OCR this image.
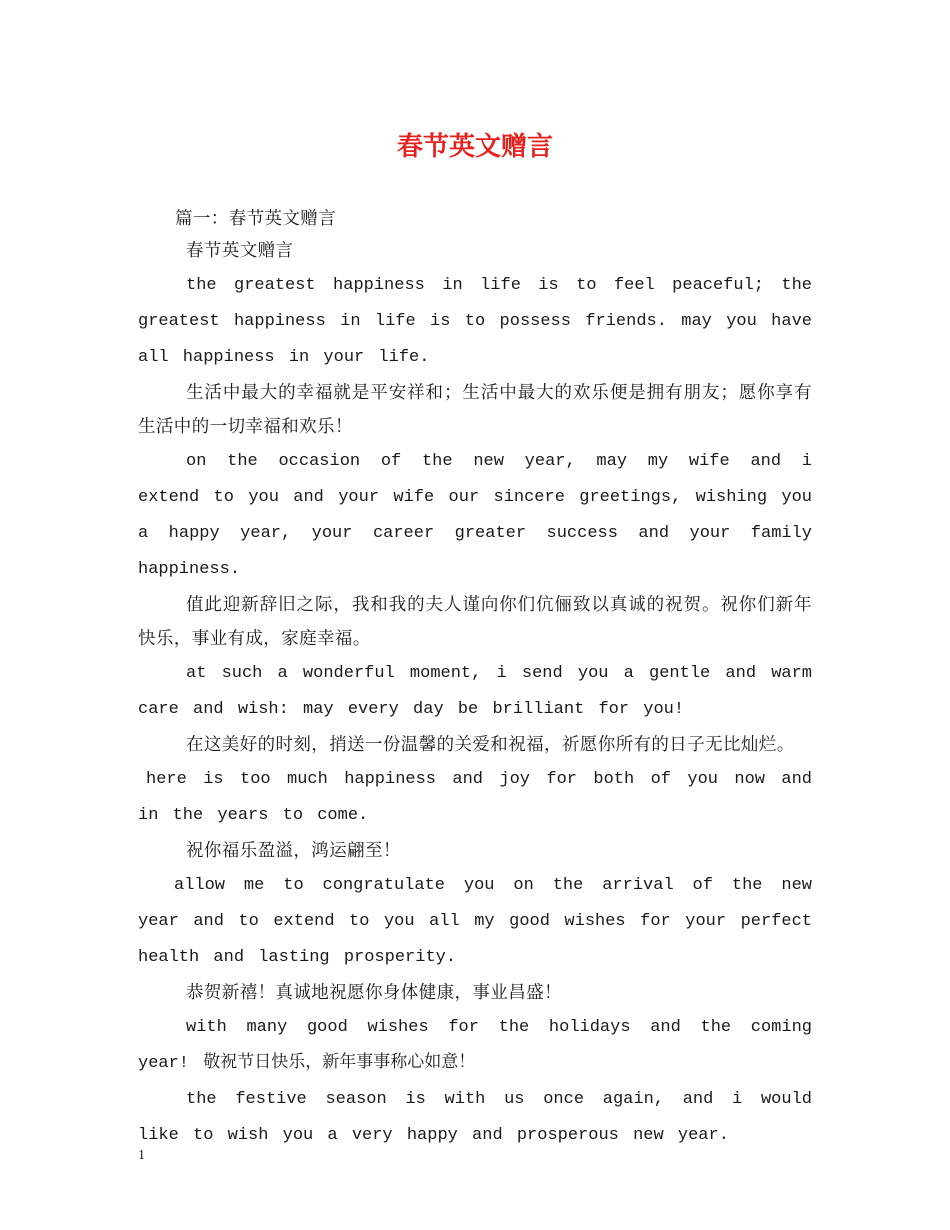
春节英文赠言

篇一：春节英文赠言

春节英文赠言

the greatest happiness in life is to feel peaceful; the greatest happiness in life is to possess friends. may you have all happiness in your life.

生活中最大的幸福就是平安祥和；生活中最大的欢乐便是拥有朋友；愿你享有生活中的一切幸福和欢乐！

on the occasion of the new year, may my wife and i extend to you and your wife our sincere greetings, wishing you a happy year, your career greater success and your family happiness.

值此迎新辞旧之际，我和我的夫人谨向你们伉俪致以真诚的祝贺。祝你们新年快乐，事业有成，家庭幸福。

at such a wonderful moment, i send you a gentle and warm care and wish: may every day be brilliant for you!

在这美好的时刻，捎送一份温馨的关爱和祝福，祈愿你所有的日子无比灿烂。

here is too much happiness and joy for both of you now and in the years to come.

祝你福乐盈溢，鸿运翩至！

allow me to congratulate you on the arrival of the new year and to extend to you all my good wishes for your perfect health and lasting prosperity.

恭贺新禧！真诚地祝愿你身体健康，事业昌盛！

with many good wishes for the holidays and the coming year! 敬祝节日快乐，新年事事称心如意！

the festive season is with us once again, and i would like to wish you a very happy and prosperous new year.

1
